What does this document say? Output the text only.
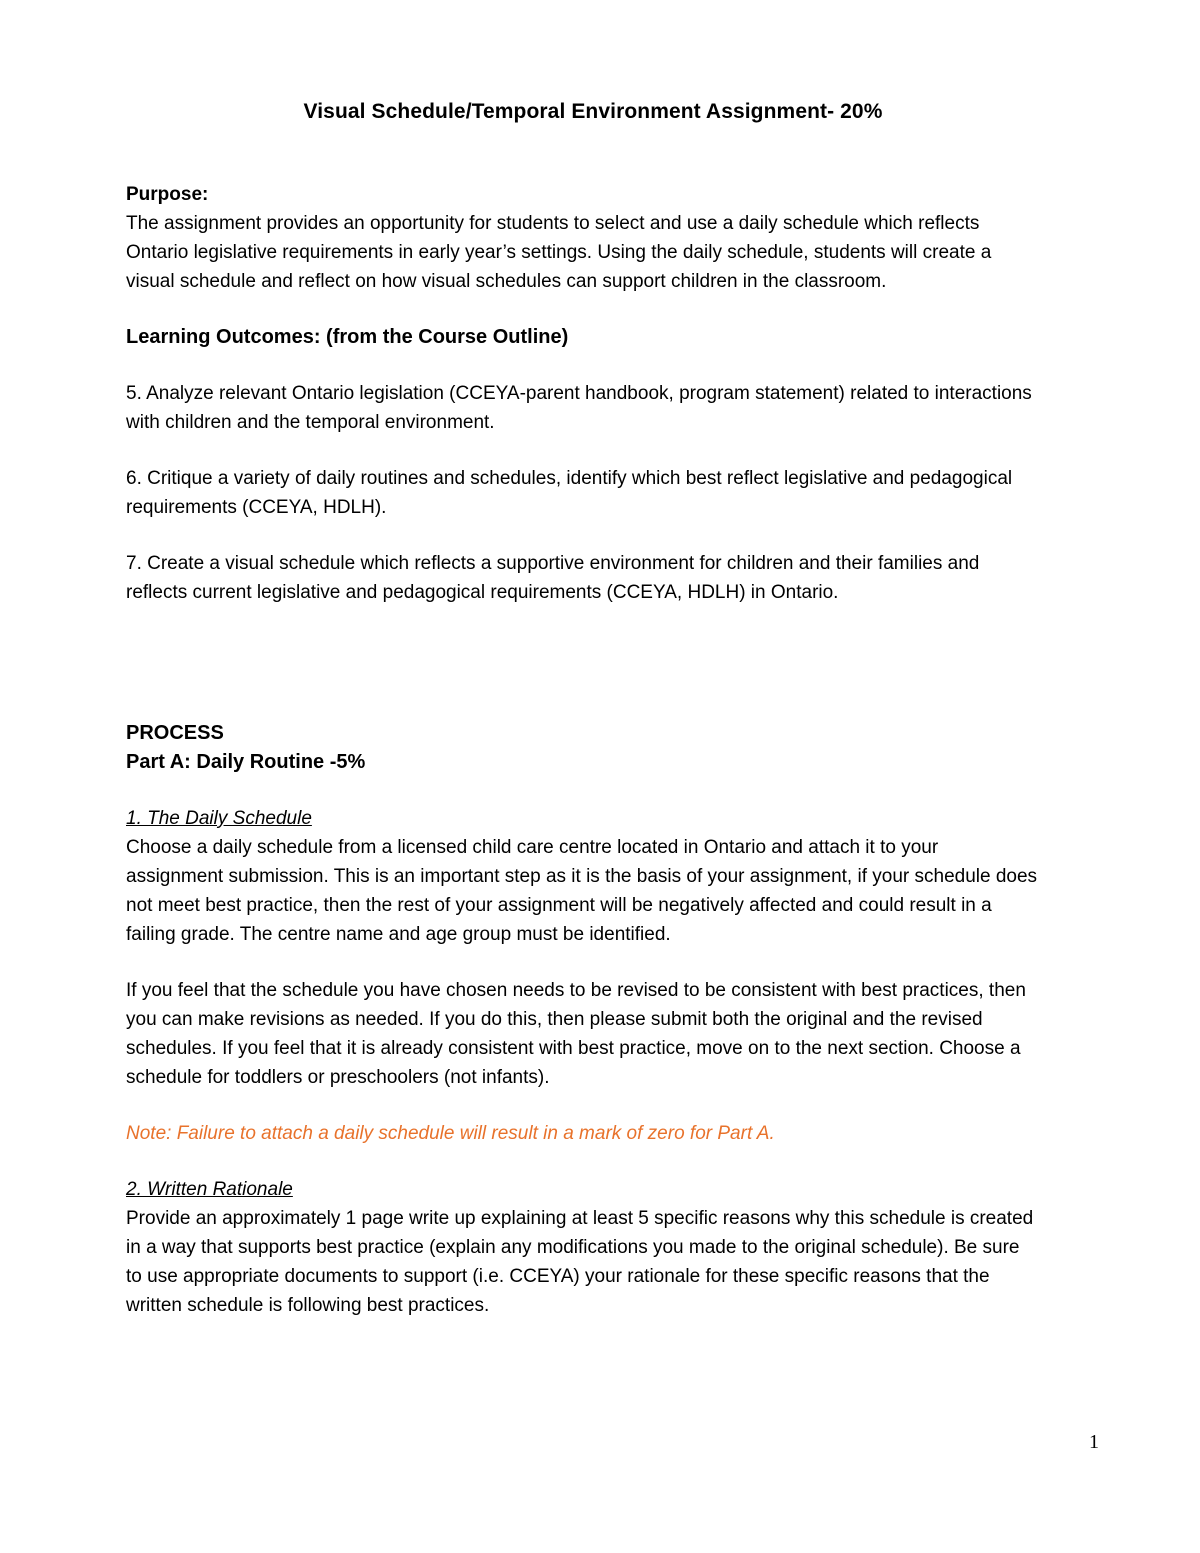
Visual Schedule/Temporal Environment Assignment- 20%

Purpose:

The assignment provides an opportunity for students to select and use a daily schedule which reflects Ontario legislative requirements in early year’s settings. Using the daily schedule, students will create a visual schedule and reflect on how visual schedules can support children in the classroom.

Learning Outcomes: (from the Course Outline)

5. Analyze relevant Ontario legislation (CCEYA-parent handbook, program statement) related to interactions with children and the temporal environment.

6. Critique a variety of daily routines and schedules, identify which best reflect legislative and pedagogical requirements (CCEYA, HDLH).

7. Create a visual schedule which reflects a supportive environment for children and their families and reflects current legislative and pedagogical requirements (CCEYA, HDLH) in Ontario.

PROCESS

Part A: Daily Routine -5%

1. The Daily Schedule

Choose a daily schedule from a licensed child care centre located in Ontario and attach it to your assignment submission. This is an important step as it is the basis of your assignment, if your schedule does not meet best practice, then the rest of your assignment will be negatively affected and could result in a failing grade. The centre name and age group must be identified.

If you feel that the schedule you have chosen needs to be revised to be consistent with best practices, then you can make revisions as needed. If you do this, then please submit both the original and the revised schedules. If you feel that it is already consistent with best practice, move on to the next section. Choose a schedule for toddlers or preschoolers (not infants).

Note: Failure to attach a daily schedule will result in a mark of zero for Part A.

2. Written Rationale

Provide an approximately 1 page write up explaining at least 5 specific reasons why this schedule is created in a way that supports best practice (explain any modifications you made to the original schedule). Be sure to use appropriate documents to support (i.e. CCEYA) your rationale for these specific reasons that the written schedule is following best practices.

1
